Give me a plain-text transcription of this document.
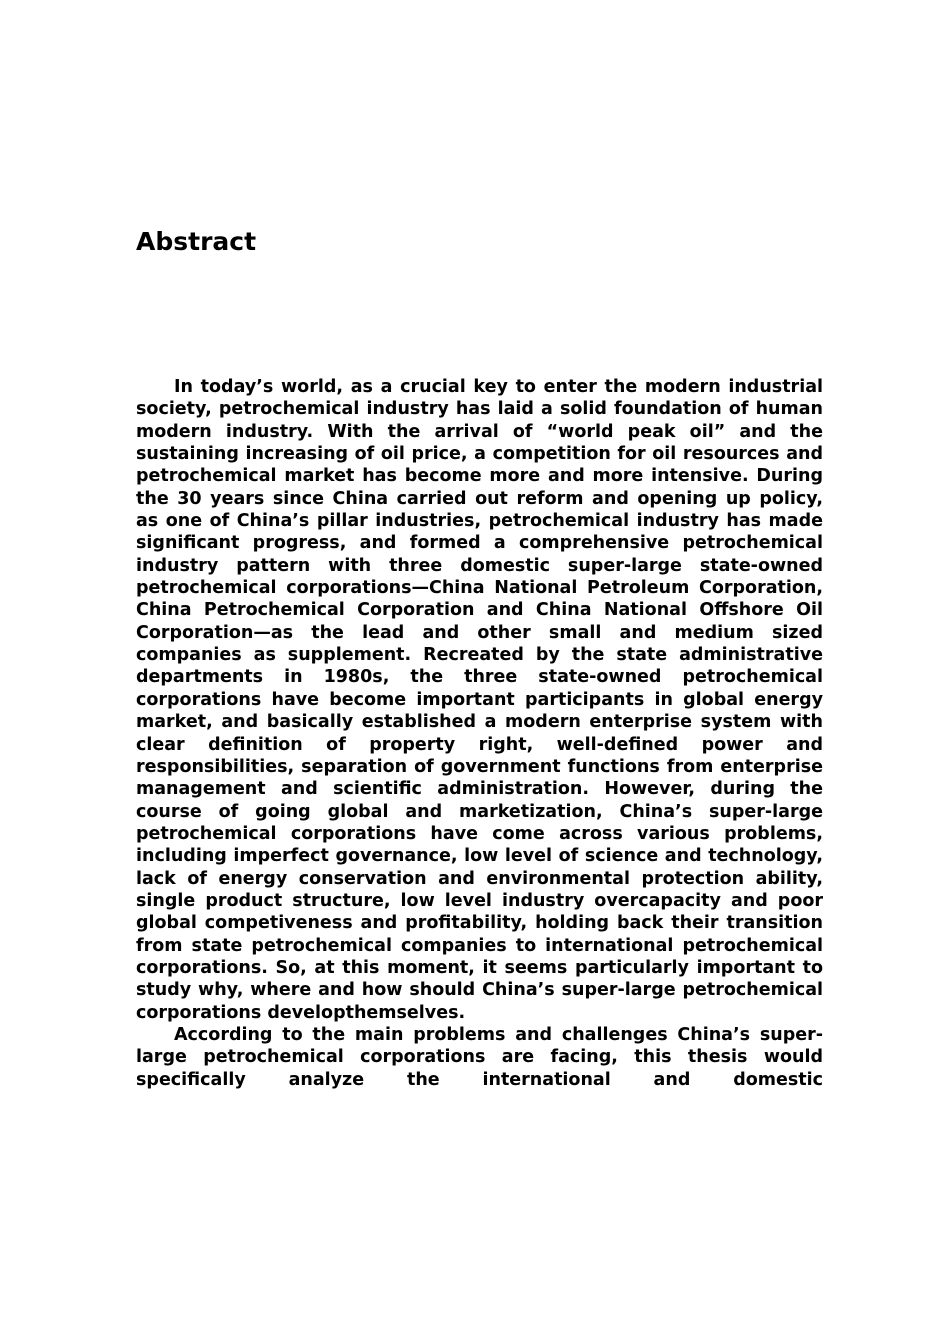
Abstract

In today’s world, as a crucial key to enter the modern industrial society, petrochemical industry has laid a solid foundation of human modern industry. With the arrival of “world peak oil” and the sustaining increasing of oil price, a competition for oil resources and petrochemical market has become more and more intensive. During the 30 years since China carried out reform and opening up policy, as one of China’s pillar industries, petrochemical industry has made significant progress, and formed a comprehensive petrochemical industry pattern with three domestic super-large state-owned petrochemical corporations—China National Petroleum Corporation, China Petrochemical Corporation and China National Offshore Oil Corporation—as the lead and other small and medium sized companies as supplement. Recreated by the state administrative departments in 1980s, the three state-owned petrochemical corporations have become important participants in global energy market, and basically established a modern enterprise system with clear definition of property right, well-defined power and responsibilities, separation of government functions from enterprise management and scientific administration. However, during the course of going global and marketization, China’s super-large petrochemical corporations have come across various problems, including imperfect governance, low level of science and technology, lack of energy conservation and environmental protection ability, single product structure, low level industry overcapacity and poor global competiveness and profitability, holding back their transition from state petrochemical companies to international petrochemical corporations. So, at this moment, it seems particularly important to study why, where and how should China’s super-large petrochemical corporations developthemselves.

According to the main problems and challenges China’s super-large petrochemical corporations are facing, this thesis would specifically analyze the international and domestic
